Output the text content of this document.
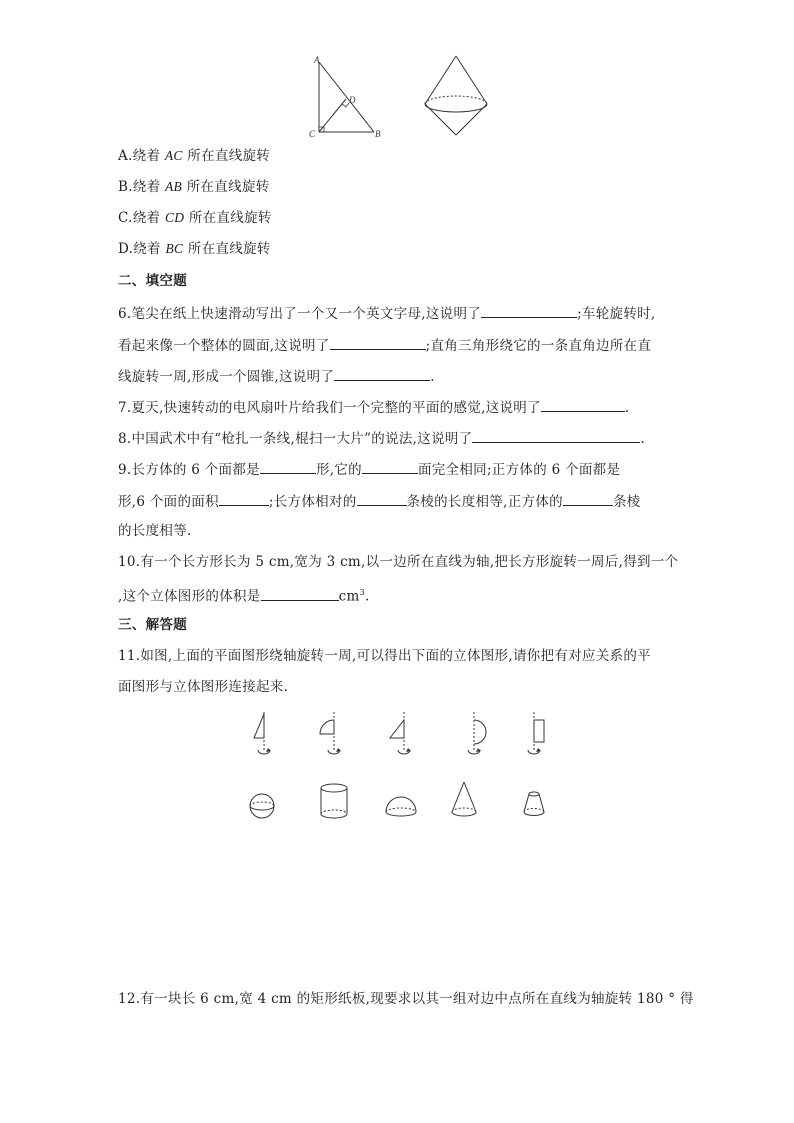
A
D
C	B
A.绕着 AC 所在直线旋转
B.绕着 AB 所在直线旋转
C.绕着 CD 所在直线旋转
D.绕着 BC 所在直线旋转
二、填空题
6.笔尖在纸上快速滑动写出了一个又一个英文字母,这说明了	;车轮旋转时,
看起来像一个整体的圆面,这说明了	;直角三角形绕它的一条直角边所在直
线旋转一周,形成一个圆锥,这说明了	.
7.夏天,快速转动的电风扇叶片给我们一个完整的平面的感觉,这说明了	.
8.中国武术中有“枪扎一条线,棍扫一大片”的说法,这说明了	.
9.长方体的 6 个面都是	形,它的	面完全相同;正方体的 6 个面都是
形,6 个面的面积	;长方体相对的	条棱的长度相等,正方体的	条棱
的长度相等.
10.有一个长方形长为 5 cm,宽为 3 cm,以一边所在直线为轴,把长方形旋转一周后,得到一个
,这个立体图形的体积是	$cm^3$.
三、解答题
11.如图,上面的平面图形绕轴旋转一周,可以得出下面的立体图形,请你把有对应关系的平
面图形与立体图形连接起来.
12.有一块长 6 cm,宽 4 cm 的矩形纸板,现要求以其一组对边中点所在直线为轴旋转 180 ° 得
